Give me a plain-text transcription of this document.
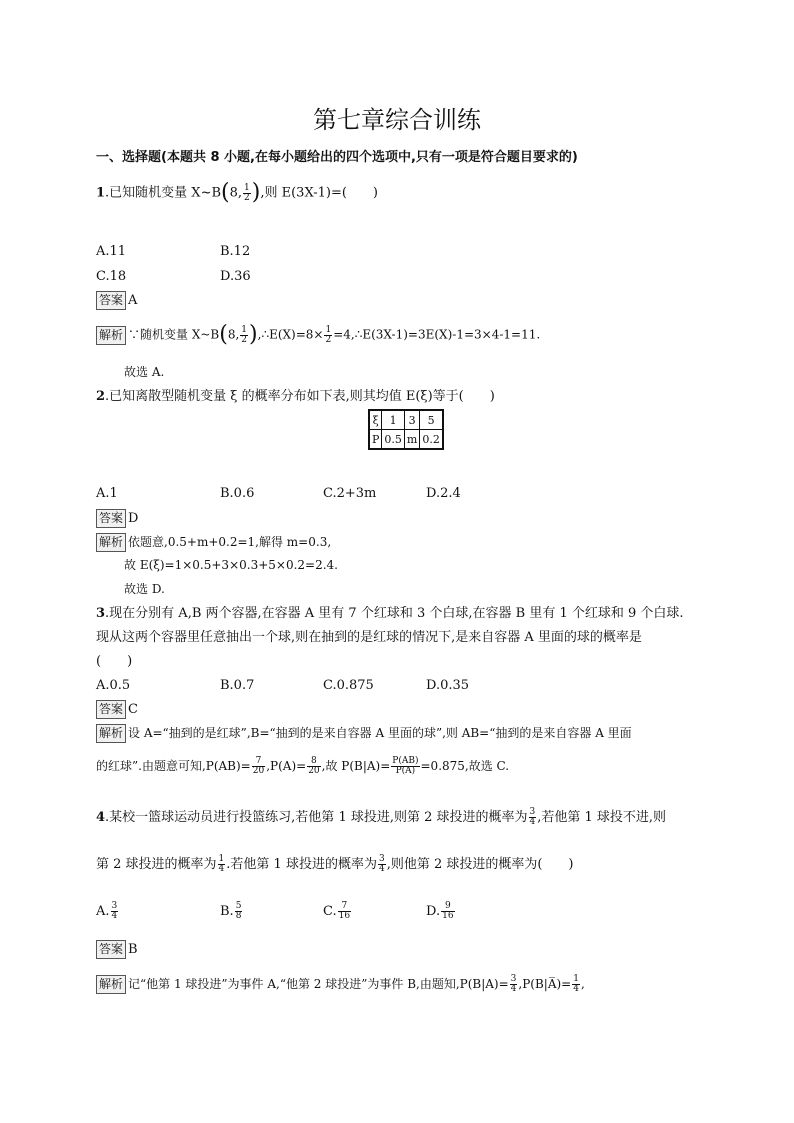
第七章综合训练
一、选择题(本题共 8 小题,在每小题给出的四个选项中,只有一项是符合题目要求的)
1.已知随机变量 X~B(8, $\frac{1}{2}$ ),则 E(3X-1)=(　　)
A.11	B.12
C.18	D.36
答案 A
解析 ∵随机变量 X~B(8, $\frac{1}{2}$ ),∴E(X)=8× $\frac{1}{2}$ =4,∴E(3X-1)=3E(X)-1=3×4-1=11.
故选 A.
2.已知离散型随机变量 ξ 的概率分布如下表,则其均值 E(ξ)等于(　　)
ξ	1	3	5
P	0.5	m	0.2
A.1	B.0.6	C.2+3m	D.2.4
答案 D
解析 依题意,0.5+m+0.2=1,解得 m=0.3,
故 E(ξ)=1×0.5+3×0.3+5×0.2=2.4.
故选 D.
3.现在分别有 A,B 两个容器,在容器 A 里有 7 个红球和 3 个白球,在容器 B 里有 1 个红球和 9 个白球.
现从这两个容器里任意抽出一个球,则在抽到的是红球的情况下,是来自容器 A 里面的球的概率是
(　　)
A.0.5	B.0.7	C.0.875	D.0.35
答案 C
解析 设 A=“抽到的是红球”,B=“抽到的是来自容器 A 里面的球”,则 AB=“抽到的是来自容器 A 里面
的红球”.由题意可知$,P(AB)= \frac{7}{20} ,P(A)= \frac{8}{20}$ ,故 $P(B|A)= \frac{P(AB)}{P(A)} =0.875$,故选 C.
4.某校一篮球运动员进行投篮练习,若他第 1 球投进,则第 2 球投进的概率为 $\frac{3}{4}$ ,若他第 1 球投不进,则
第 2 球投进的概率为 $\frac{1}{4}$ .若他第 1 球投进的概率为 $\frac{3}{4}$ ,则他第 2 球投进的概率为(　　)
A. $\frac{3}{4}$	B. $\frac{5}{8}$	C. $\frac{7}{16}$	D. $\frac{9}{16}$
答案 B
解析 记“他第 1 球投进”为事件 A,“他第 2 球投进”为事件 B,由题知$,P(B|A)= \frac{3}{4}$ ,P(B|A̅)= $\frac{1}{4}$ ,
